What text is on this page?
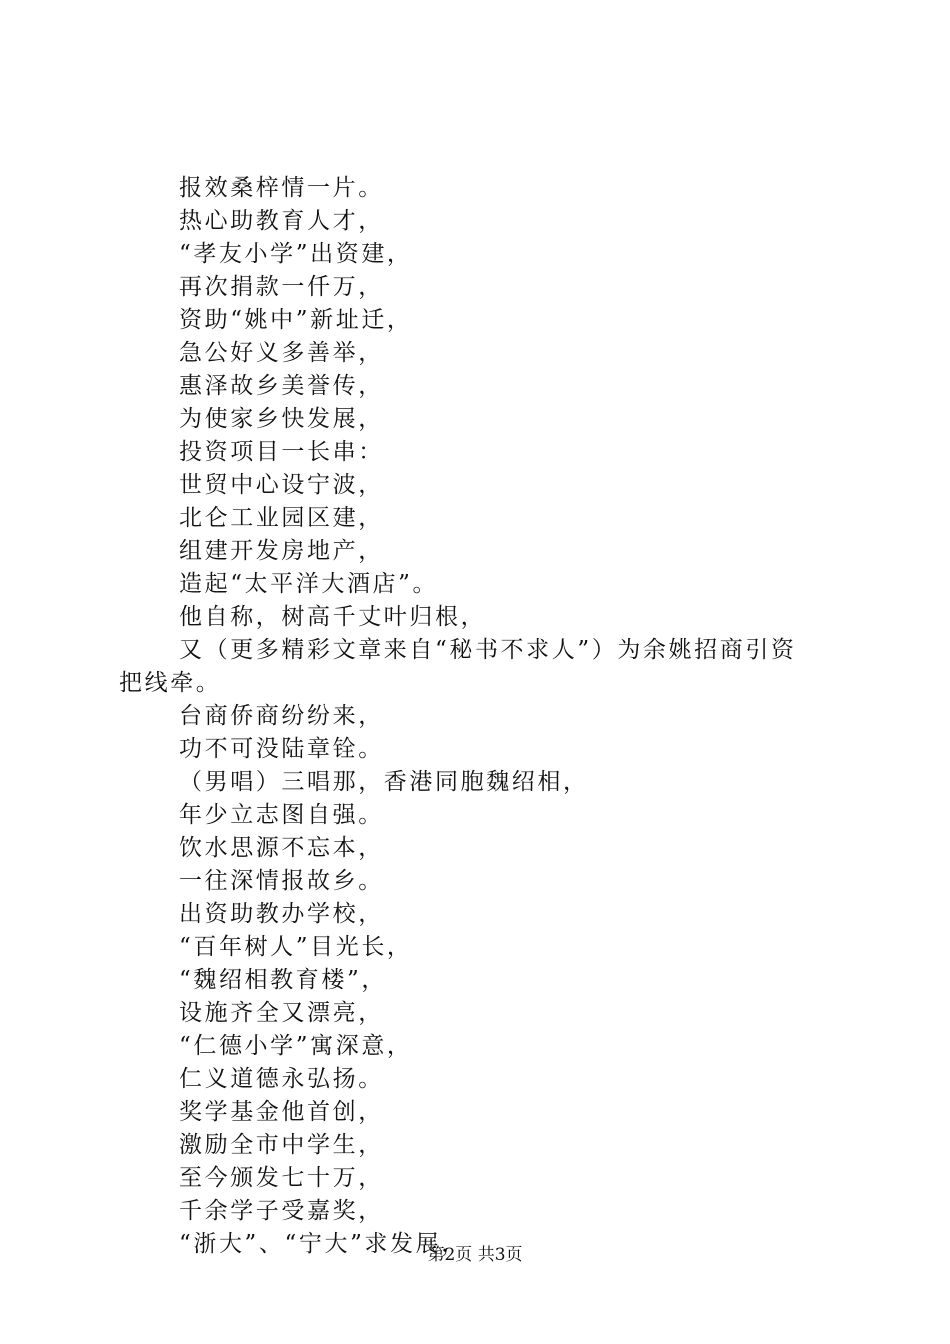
报效桑梓情一片。
热心助教育人才，
“孝友小学”出资建，
再次捐款一仟万，
资助“姚中”新址迁，
急公好义多善举，
惠泽故乡美誉传，
为使家乡快发展，
投资项目一长串：
世贸中心设宁波，
北仑工业园区建，
组建开发房地产，
造起“太平洋大酒店”。
他自称，树高千丈叶归根，
又（更多精彩文章来自“秘书不求人”）为余姚招商引资
把线牵。
台商侨商纷纷来，
功不可没陆章铨。
（男唱）三唱那，香港同胞魏绍相，
年少立志图自强。
饮水思源不忘本，
一往深情报故乡。
出资助教办学校，
“百年树人”目光长，
“魏绍相教育楼”，
设施齐全又漂亮，
“仁德小学”寓深意，
仁义道德永弘扬。
奖学基金他首创，
激励全市中学生，
至今颁发七十万，
千余学子受嘉奖，
“浙大”、“宁大”求发展，
第2页 共3页
